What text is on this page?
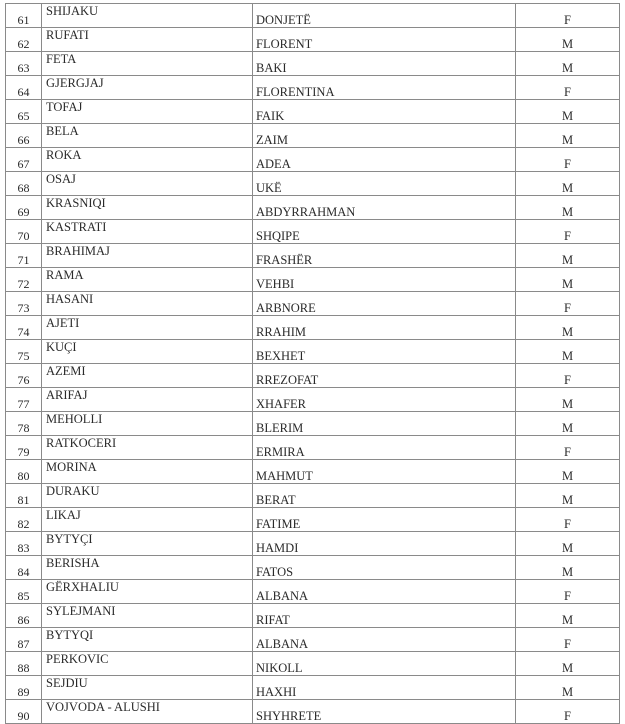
61	SHIJAKU	DONJETË	F
62	RUFATI	FLORENT	M
63	FETA	BAKI	M
64	GJERGJAJ	FLORENTINA	F
65	TOFAJ	FAIK	M
66	BELA	ZAIM	M
67	ROKA	ADEA	F
68	OSAJ	UKË	M
69	KRASNIQI	ABDYRRAHMAN	M
70	KASTRATI	SHQIPE	F
71	BRAHIMAJ	FRASHËR	M
72	RAMA	VEHBI	M
73	HASANI	ARBNORE	F
74	AJETI	RRAHIM	M
75	KUÇI	BEXHET	M
76	AZEMI	RREZOFAT	F
77	ARIFAJ	XHAFER	M
78	MEHOLLI	BLERIM	M
79	RATKOCERI	ERMIRA	F
80	MORINA	MAHMUT	M
81	DURAKU	BERAT	M
82	LIKAJ	FATIME	F
83	BYTYÇI	HAMDI	M
84	BERISHA	FATOS	M
85	GËRXHALIU	ALBANA	F
86	SYLEJMANI	RIFAT	M
87	BYTYQI	ALBANA	F
88	PERKOVIC	NIKOLL	M
89	SEJDIU	HAXHI	M
90	VOJVODA - ALUSHI	SHYHRETE	F
